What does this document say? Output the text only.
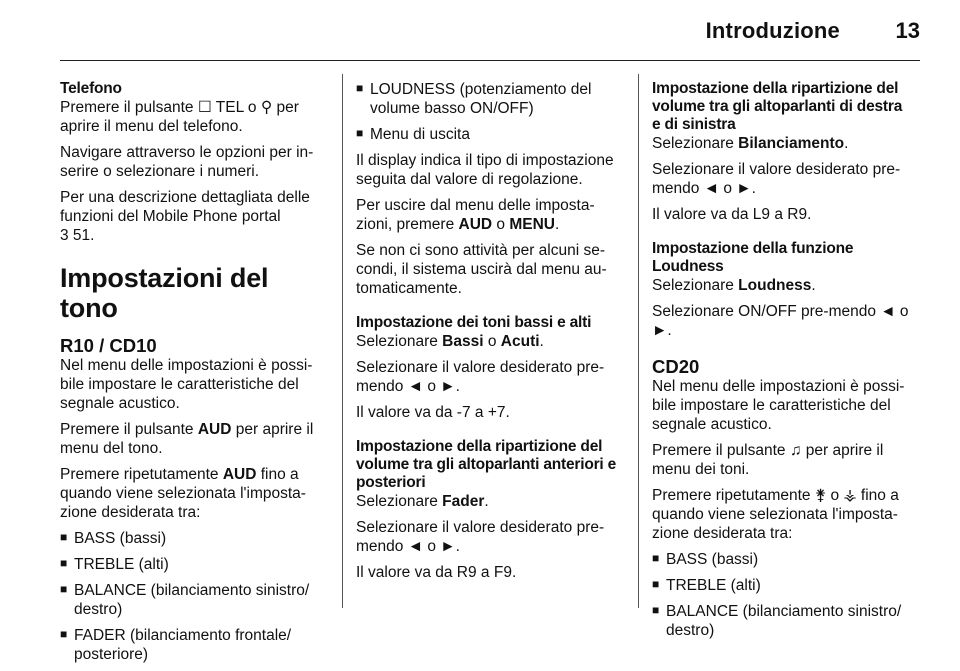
Introduzione	13
Telefono

Premere il pulsante ☐ TEL o ⚲ per aprire il menu del telefono.

Navigare attraverso le opzioni per in-serire o selezionare i numeri.

Per una descrizione dettagliata delle funzioni del Mobile Phone portal
3 51.

Impostazioni del tono
R10 / CD10

Nel menu delle impostazioni è possi-bile impostare le caratteristiche del segnale acustico.

Premere il pulsante AUD per aprire il menu del tono.

Premere ripetutamente AUD fino a quando viene selezionata l'imposta-zione desiderata tra:

■ BASS (bassi)
■ TREBLE (alti)
■ BALANCE (bilanciamento sinistro/ destro)
■ FADER (bilanciamento frontale/ posteriore)
■ LOUDNESS (potenziamento del volume basso ON/OFF)
■ Menu di uscita

Il display indica il tipo di impostazione seguita dal valore di regolazione.

Per uscire dal menu delle imposta-zioni, premere AUD o MENU.

Se non ci sono attività per alcuni se-condi, il sistema uscirà dal menu au-tomaticamente.

Impostazione dei toni bassi e alti

Selezionare Bassi o Acuti.

Selezionare il valore desiderato pre-mendo ◄ o ►.

Il valore va da -7 a +7.

Impostazione della ripartizione del volume tra gli altoparlanti anteriori e posteriori

Selezionare Fader.

Selezionare il valore desiderato pre-mendo ◄ o ►.

Il valore va da R9 a F9.

Impostazione della ripartizione del volume tra gli altoparlanti di destra e di sinistra

Selezionare Bilanciamento.

Selezionare il valore desiderato pre-mendo ◄ o ►.

Il valore va da L9 a R9.

Impostazione della funzione Loudness

Selezionare Loudness.

Selezionare ON/OFF pre-mendo ◄ o ►.

CD20

Nel menu delle impostazioni è possi-bile impostare le caratteristiche del segnale acustico.

Premere il pulsante ♫ per aprire il menu dei toni.

Premere ripetutamente ⚵ o ⚶ fino a quando viene selezionata l'imposta-zione desiderata tra:

■ BASS (bassi)
■ TREBLE (alti)
■ BALANCE (bilanciamento sinistro/ destro)
